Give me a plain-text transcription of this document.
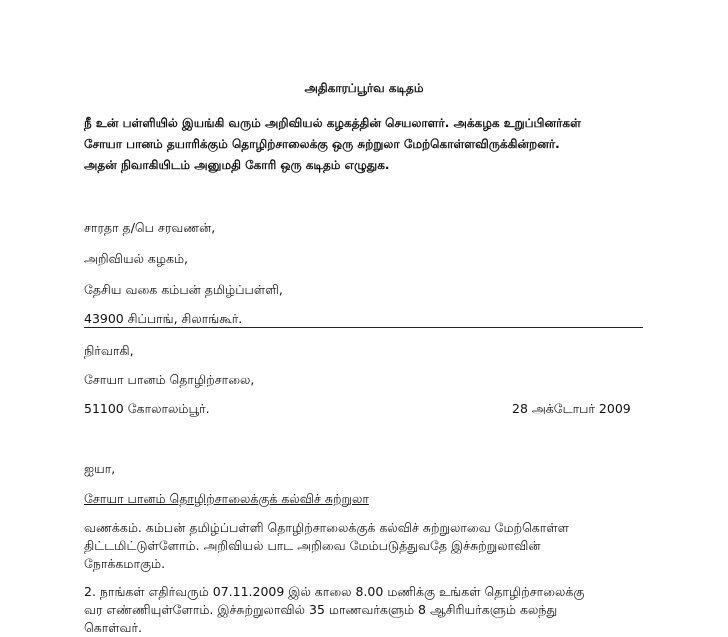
அதிகாரப்பூர்வ கடிதம்
நீ உன் பள்ளியில் இயங்கி வரும் அறிவியல் கழகத்தின் செயலாளர். அக்கழக உறுப்பினர்கள்
சோயா பானம் தயாரிக்கும் தொழிற்சாலைக்கு ஒரு சுற்றுலா மேற்கொள்ளவிருக்கின்றனர்.
அதன் நிவாகியிடம் அனுமதி கோரி ஒரு கடிதம் எழுதுக.
சாரதா த/பெ சரவணன்,
அறிவியல் கழகம்,
தேசிய வகை கம்பன் தமிழ்ப்பள்ளி,
43900 சிப்பாங், சிலாங்கூர்.
நிர்வாகி,
சோயா பானம் தொழிற்சாலை,
51100 கோலாலம்பூர்.	28 அக்டோபர் 2009
ஐயா,
சோயா பானம் தொழிற்சாலைக்குக் கல்விச் சுற்றுலா
வணக்கம். கம்பன் தமிழ்ப்பள்ளி தொழிற்சாலைக்குக் கல்விச் சுற்றுலாவை மேற்கொள்ள
திட்டமிட்டுள்ளோம். அறிவியல் பாட அறிவை மேம்படுத்துவதே இச்சுற்றுலாவின்
நோக்கமாகும்.
2. நாங்கள் எதிர்வரும் 07.11.2009 இல் காலை 8.00 மணிக்கு உங்கள் தொழிற்சாலைக்கு
வர எண்ணியுள்ளோம். இச்சுற்றுலாவில் 35 மாணவர்களும் 8 ஆசிரியர்களும் கலந்து
கொள்வர்.
